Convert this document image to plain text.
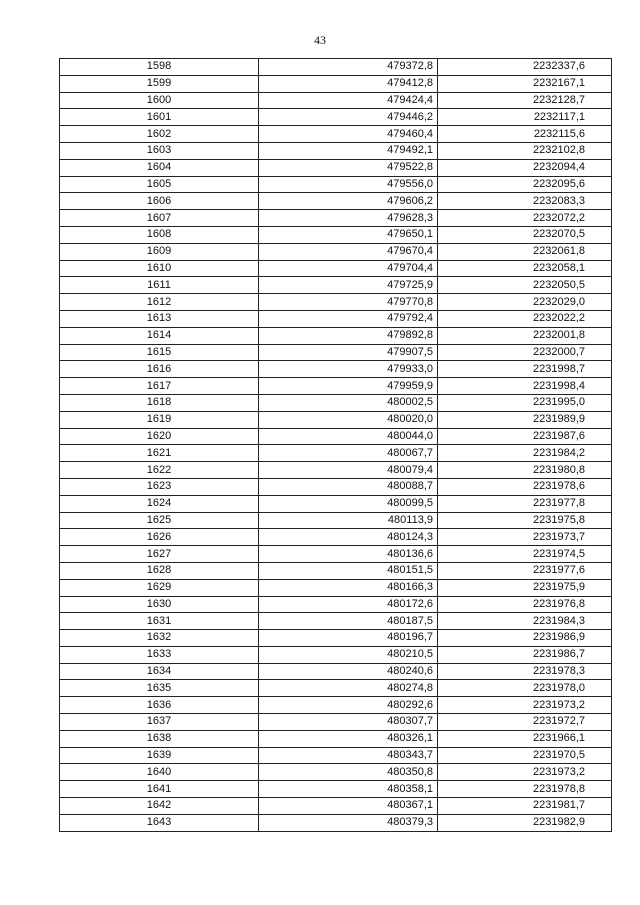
43
1598	479372,8	2232337,6
1599	479412,8	2232167,1
1600	479424,4	2232128,7
1601	479446,2	2232117,1
1602	479460,4	2232115,6
1603	479492,1	2232102,8
1604	479522,8	2232094,4
1605	479556,0	2232095,6
1606	479606,2	2232083,3
1607	479628,3	2232072,2
1608	479650,1	2232070,5
1609	479670,4	2232061,8
1610	479704,4	2232058,1
1611	479725,9	2232050,5
1612	479770,8	2232029,0
1613	479792,4	2232022,2
1614	479892,8	2232001,8
1615	479907,5	2232000,7
1616	479933,0	2231998,7
1617	479959,9	2231998,4
1618	480002,5	2231995,0
1619	480020,0	2231989,9
1620	480044,0	2231987,6
1621	480067,7	2231984,2
1622	480079,4	2231980,8
1623	480088,7	2231978,6
1624	480099,5	2231977,8
1625	480113,9	2231975,8
1626	480124,3	2231973,7
1627	480136,6	2231974,5
1628	480151,5	2231977,6
1629	480166,3	2231975,9
1630	480172,6	2231976,8
1631	480187,5	2231984,3
1632	480196,7	2231986,9
1633	480210,5	2231986,7
1634	480240,6	2231978,3
1635	480274,8	2231978,0
1636	480292,6	2231973,2
1637	480307,7	2231972,7
1638	480326,1	2231966,1
1639	480343,7	2231970,5
1640	480350,8	2231973,2
1641	480358,1	2231978,8
1642	480367,1	2231981,7
1643	480379,3	2231982,9
